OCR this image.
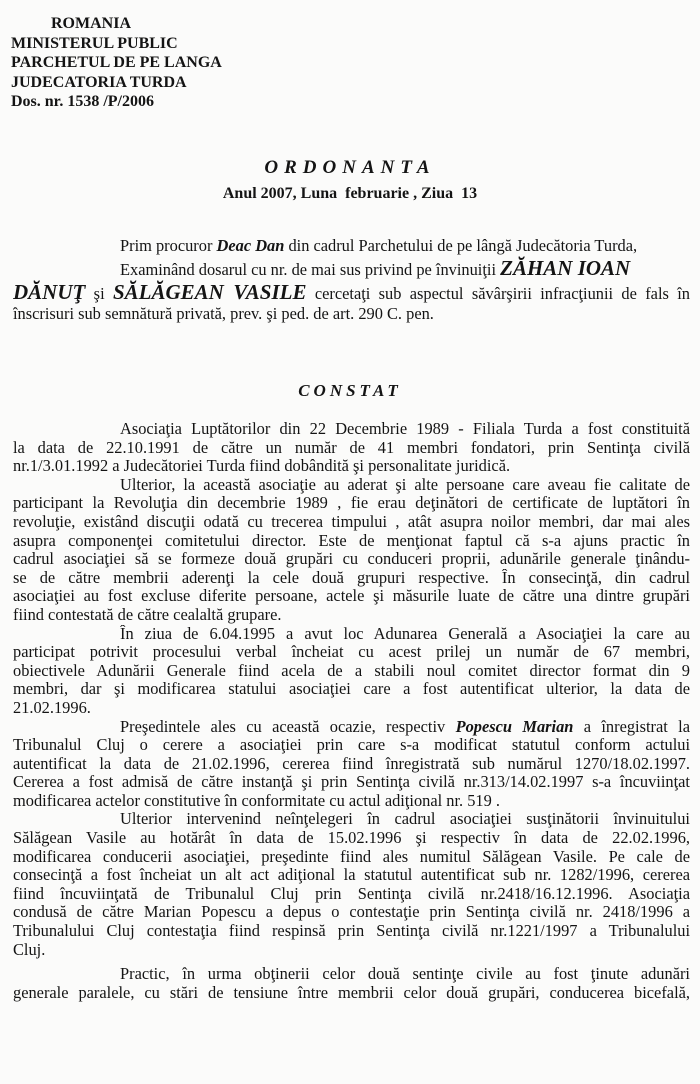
ROMANIA
MINISTERUL PUBLIC
PARCHETUL DE PE LANGA
JUDECATORIA TURDA
Dos. nr. 1538 /P/2006
ORDONANTA
Anul 2007, Luna  februarie , Ziua  13
Prim procuror Deac Dan din cadrul Parchetului de pe lângă Judecătoria Turda,
Examinând dosarul cu nr. de mai sus privind pe învinuiţii ZĂHAN IOAN
DĂNUŢ şi SĂLĂGEAN VASILE cercetaţi sub aspectul săvârşirii infracţiunii de fals în
înscrisuri sub semnătură privată, prev. şi ped. de art. 290 C. pen.
CONSTAT
Asociaţia Luptătorilor din 22 Decembrie 1989 - Filiala Turda a fost constituită
la data de 22.10.1991 de către un număr de 41 membri fondatori, prin Sentinţa civilă
nr.1/3.01.1992 a Judecătoriei Turda fiind dobândită şi personalitate juridică.
Ulterior, la această asociaţie au aderat şi alte persoane care aveau fie calitate de
participant la Revoluţia din decembrie 1989 , fie erau deţinători de certificate de luptători în
revoluţie, existând discuţii odată cu trecerea timpului , atât asupra noilor membri, dar mai ales
asupra componenţei comitetului director. Este de menţionat faptul că s-a ajuns practic în
cadrul asociaţiei să se formeze două grupări cu conduceri proprii, adunările generale ţinându-
se de către membrii aderenţi la cele două grupuri respective. În consecinţă, din cadrul
asociaţiei au fost excluse diferite persoane, actele şi măsurile luate de către una dintre grupări
fiind contestată de către cealaltă grupare.
În ziua de 6.04.1995 a avut loc Adunarea Generală a Asociaţiei la care au
participat potrivit procesului verbal încheiat cu acest prilej un număr de 67 membri,
obiectivele Adunării Generale fiind acela de a stabili noul comitet director format din 9
membri, dar şi modificarea statului asociaţiei care a fost autentificat ulterior, la data de
21.02.1996.
Preşedintele ales cu această ocazie, respectiv Popescu Marian a înregistrat la
Tribunalul Cluj o cerere a asociaţiei prin care s-a modificat statutul conform actului
autentificat la data de 21.02.1996, cererea fiind înregistrată sub numărul 1270/18.02.1997.
Cererea a fost admisă de către instanţă şi prin Sentinţa civilă nr.313/14.02.1997 s-a încuviinţat
modificarea actelor constitutive în conformitate cu actul adiţional nr. 519 .
Ulterior intervenind neînţelegeri în cadrul asociaţiei susţinătorii învinuitului
Sălăgean Vasile au hotărât în data de 15.02.1996 şi respectiv în data de 22.02.1996,
modificarea conducerii asociaţiei, preşedinte fiind ales numitul Sălăgean Vasile. Pe cale de
consecinţă a fost încheiat un alt act adiţional la statutul autentificat sub nr. 1282/1996, cererea
fiind încuviinţată de Tribunalul Cluj prin Sentinţa civilă nr.2418/16.12.1996. Asociaţia
condusă de către Marian Popescu a depus o contestaţie prin Sentinţa civilă nr. 2418/1996 a
Tribunalului Cluj contestaţia fiind respinsă prin Sentinţa civilă nr.1221/1997 a Tribunalului
Cluj.
Practic, în urma obţinerii celor două sentinţe civile au fost ţinute adunări
generale paralele, cu stări de tensiune între membrii celor două grupări, conducerea bicefală,
